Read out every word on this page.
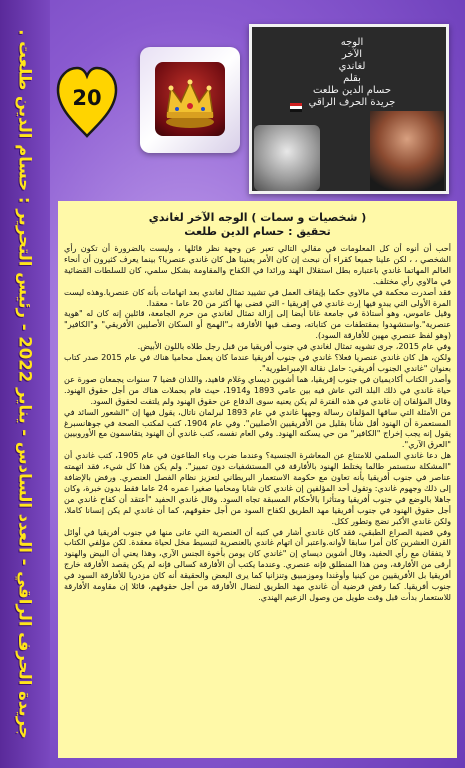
جريدة الحرف الراقي - العدد السادس - يناير 2022 - رئيس التحرير : حسام الدين طلعت .
20
الوجه
الآخر
لغاندي
بقلم
حسام الدين طلعت
جريدة الحرف الراقي
( شخصيات و سمات ) الوجه الآخر لغاندي
تحقيق : حسام الدين طلعت

أحب أن أنوه أن كل المعلومات في مقالي التالي تعبر عن وجهة نظر قائلها ، وليست بالضرورة أن تكون رأي الشخصي ، ، لكن علينا جميعا كقراء أن نبحث إن كان الأمر يعنينا هل كان غاندي عنصريا؟ بينما يعرف كثيرون أن أنحاء العالم المهاتما غاندي باعتباره بطل استقلال الهند ورائدا في الكفاح والمقاومة بشكل سلمي، كان للسلطات القضائية في مالاوي رأي مختلف.

فقد أصدرت محكمة في مالاوي حكما بإيقاف العمل في تشييد تمثال لغاندي بعد اتهامات بأنه كان عنصريا.وهذه ليست المرة الأولى التي يبدو فيها إرث غاندي في إفريقيا - التي قضى بها أكثر من 20 عاما - معقدا.

وقيل عاموس، وهو أستاذة في جامعة غانا أيضا إلى إزالة تمثال لغاندي من حرم الجامعة، قائلين إنه كان له "هوية عنصرية".واستشهدوا بمقتطفات من كتاباته، وصف فيها الأفارقة بـ"الهمج أو السكان الأصليين الأفريقي" و"الكافير" (وهو لفظ عنصري مهين للأفارقة السود).

وفي عام 2015، جرى تشويه تمثال لغاندي في جنوب أفريقيا من قبل رجل طلاه باللون الأبيض.

ولكن، هل كان غاندي عنصريا فعلا؟ غاندي في جنوب أفريقيا عندما كان يعمل محاميا هناك في عام 2015 صدر كتاب بعنوان "غاندي الجنوب أفريقي: حامل نقالة الإمبراطورية".

وأصدر الكتاب أكاديميان في جنوب إفريقيا، هما أشوين ديساي وغلام فاهيد، واللذان قضيا 7 سنوات يجمعان صورة عن حياة غاندي في ذلك البلد التي عاش فيه بين عامي 1893 و1914، حيث قام بحملات هناك من أجل حقوق الهنود. وقال المؤلفان إن غاندي في هذه الفترة لم يكن يعنيه سوى الدفاع عن حقوق الهنود ولم يلتفت لحقوق السود.

من الأمثلة التي ساقها المؤلفان رسالة وجهها غاندي في عام 1893 لبرلمان ناتال، يقول فيها إن "الشعور السائد في المستعمرة أن الهنود أقل شأنا بقليل من الأفريقيين الأصليين". وفي عام 1904، كتب لمكتب الصحة في جوهانسبرغ يقول إنه يجب إخراج "الكافير" من حي يسكنه الهنود. وفي العام نفسه، كتب غاندي أن الهنود يتقاسمون مع الأوروبيين "العرق الآري".

هل دعا غاندي السلمي للامتناع عن المعاشرة الجنسية؟ وعندما ضرب وباء الطاعون في عام 1905، كتب غاندي أن "المشكلة ستستمر طالما يختلط الهنود بالأفارقة في المستشفيات دون تمييز". ولم يكن هذا كل شيء، فقد اتهمته عناصر في جنوب أفريقيا بأنه تعاون مع حكومة الاستعمار البريطاني لتعزيز نظام الفصل العنصري. ورفض بالإضافة إلى ذلك وجهوم غاندي: وتقول أحد المؤلفين إن غاندي كان شابا ومحاميا صغيرا عمره 24 عاما فقط بدون خبرة، وكان جاهلا بالوضع في جنوب أفريقيا ومتأثرا بالأحكام المسبقة تجاه السود. وقال غاندي الحفيد "أعتقد أن كفاح غاندي من أجل حقوق الهنود في جنوب أفريقيا مهد الطريق لكفاح السود من أجل حقوقهم، كما أن غاندي لم يكن إنسانا كاملا، ولكن غاندي الأكبر نضج وتطور ككل.

وفي قضية الصراع الطبقي، فقد كان غاندي أشار في كتبه أن العنصرية التي عانى منها في جنوب أفريقيا في أوائل القرن العشرين كان أمرا سابقا لأوانه.واعتبر أن اتهام غاندي بالعنصرية لتبسيط مخل لحياة معقدة. لكن مؤلفي الكتاب لا يتفقان مع رأي الحفيد، وقال أشوين ديساي إن "غاندي كان يومن بأخوة الجنس الآري، وهذا يعني أن البيض والهنود أرقى من الأفارقة، ومن هذا المنطلق فإنه عنصري. وعندما يكتب أن الأفارقة كسالى فإنه لم يكن يقصد الأفارقة خارج أفريقيا بل الأفريقيين من كينيا وأوغندا وموزمبيق وتنزانيا كما يرى البعض والحقيقة أنه كان مزدريا للأفارقة السود في جنوب أفريقيا. كما رفض فرضية أن غاندي مهد الطريق لنضال الأفارقة من أجل حقوقهم، قائلا إن مقاومة الأفارقة للاستعمار بدأت قبل وقت طويل من وصول الزعيم الهندي.
